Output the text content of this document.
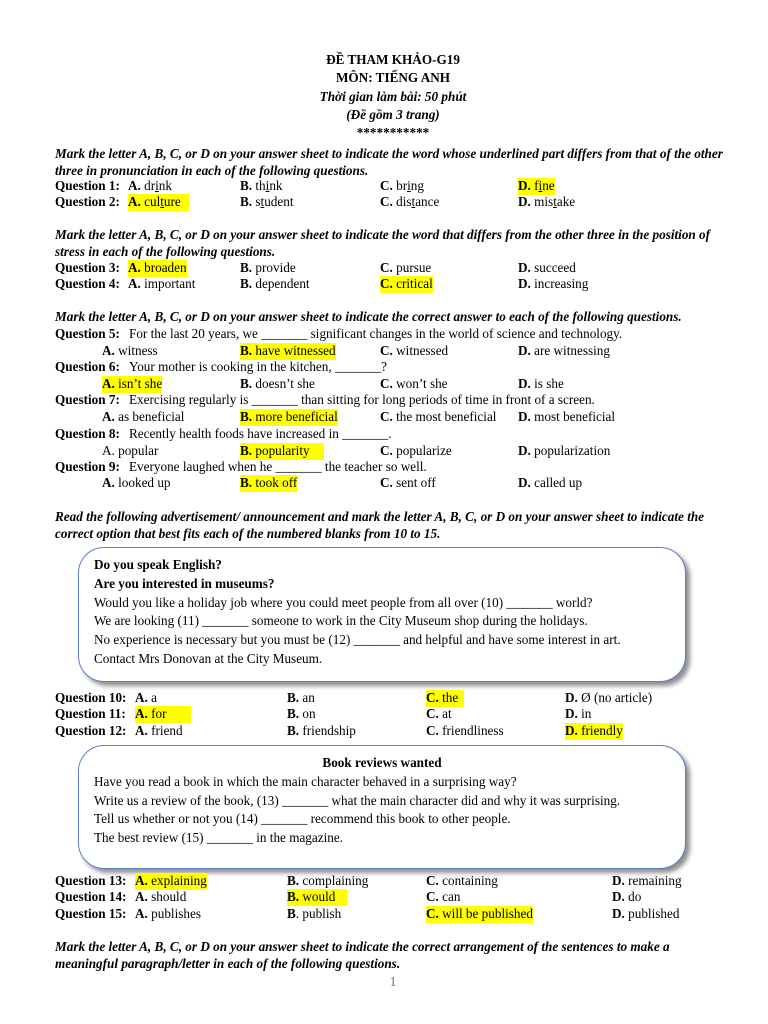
ĐỀ THAM KHẢO-G19
MÔN: TIẾNG ANH
Thời gian làm bài: 50 phút
(Đề gồm 3 trang)
***********
Mark the letter A, B, C, or D on your answer sheet to indicate the word whose underlined part differs from that of the other three in pronunciation in each of the following questions.
Question 1: A. drink	B. think	C. bring	D. fine
Question 2: A. culture	B. student	C. distance	D. mistake
Mark the letter A, B, C, or D on your answer sheet to indicate the word that differs from the other three in the position of stress in each of the following questions.
Question 3: A. broaden	B. provide	C. pursue	D. succeed
Question 4: A. important	B. dependent	C. critical	D. increasing
Mark the letter A, B, C, or D on your answer sheet to indicate the correct answer to each of the following questions.
Question 5: For the last 20 years, we _______ significant changes in the world of science and technology.
A. witness	B. have witnessed	C. witnessed	D. are witnessing
Question 6: Your mother is cooking in the kitchen, _______?
A. isn’t she	B. doesn’t she	C. won’t she	D. is she
Question 7: Exercising regularly is _______ than sitting for long periods of time in front of a screen.
A. as beneficial	B. more beneficial	C. the most beneficial D. most beneficial
Question 8: Recently health foods have increased in _______.
A. popular	B. popularity	C. popularize	D. popularization
Question 9: Everyone laughed when he _______ the teacher so well.
A. looked up	B. took off	C. sent off	D. called up
Read the following advertisement/ announcement and mark the letter A, B, C, or D on your answer sheet to indicate the correct option that best fits each of the numbered blanks from 10 to 15.
Do you speak English?
Are you interested in museums?
Would you like a holiday job where you could meet people from all over (10) _______ world?
We are looking (11) _______ someone to work in the City Museum shop during the holidays.
No experience is necessary but you must be (12) _______ and helpful and have some interest in art.
Contact Mrs Donovan at the City Museum.
Question 10: A. a	B. an	C. the	D. Ø (no article)
Question 11: A. for	B. on	C. at	D. in
Question 12: A. friend	B. friendship	C. friendliness	D. friendly
Book reviews wanted
Have you read a book in which the main character behaved in a surprising way?
Write us a review of the book, (13) _______ what the main character did and why it was surprising.
Tell us whether or not you (14) _______ recommend this book to other people.
The best review (15) _______ in the magazine.
Question 13: A. explaining	B. complaining	C. containing	D. remaining
Question 14: A. should	B. would	C. can	D. do
Question 15: A. publishes	B. publish	C. will be published	D. published
Mark the letter A, B, C, or D on your answer sheet to indicate the correct arrangement of the sentences to make a meaningful paragraph/letter in each of the following questions.
1
